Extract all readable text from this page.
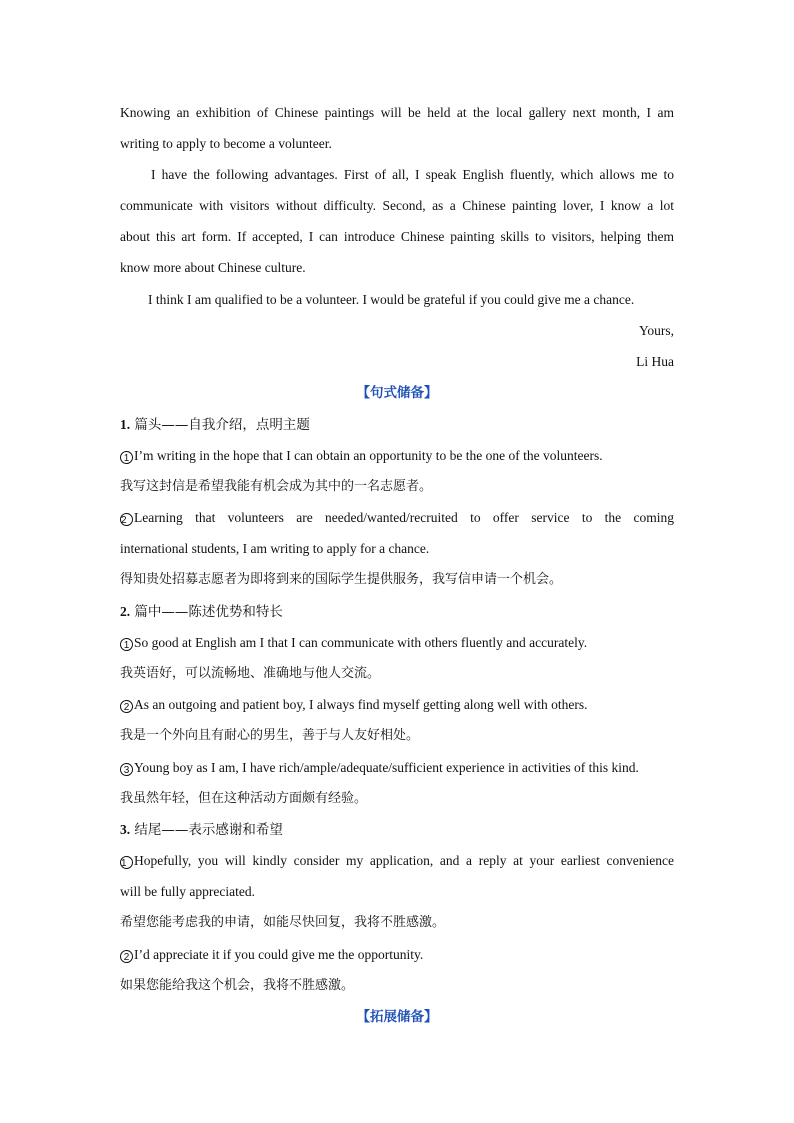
Knowing an exhibition of Chinese paintings will be held at the local gallery next month, I am
writing to apply to become a volunteer.
I have the following advantages. First of all, I speak English fluently, which allows me to
communicate with visitors without difficulty. Second, as a Chinese painting lover, I know a lot
about this art form. If accepted, I can introduce Chinese painting skills to visitors, helping them
know more about Chinese culture.
I think I am qualified to be a volunteer. I would be grateful if you could give me a chance.
Yours,
Li Hua
【句式储备】
1. 篇头——自我介绍，点明主题
1 I’m writing in the hope that I can obtain an opportunity to be the one of the volunteers.
我写这封信是希望我能有机会成为其中的一名志愿者。
2 Learning that volunteers are needed/wanted/recruited to offer service to the coming
international students, I am writing to apply for a chance.
得知贵处招募志愿者为即将到来的国际学生提供服务，我写信申请一个机会。
2. 篇中——陈述优势和特长
1 So good at English am I that I can communicate with others fluently and accurately.
我英语好，可以流畅地、准确地与他人交流。
2 As an outgoing and patient boy, I always find myself getting along well with others.
我是一个外向且有耐心的男生，善于与人友好相处。
3 Young boy as I am, I have rich/ample/adequate/sufficient experience in activities of this kind.
我虽然年轻，但在这种活动方面颇有经验。
3. 结尾——表示感谢和希望
1 Hopefully, you will kindly consider my application, and a reply at your earliest convenience
will be fully appreciated.
希望您能考虑我的申请，如能尽快回复，我将不胜感激。
2 I’d appreciate it if you could give me the opportunity.
如果您能给我这个机会，我将不胜感激。
【拓展储备】
